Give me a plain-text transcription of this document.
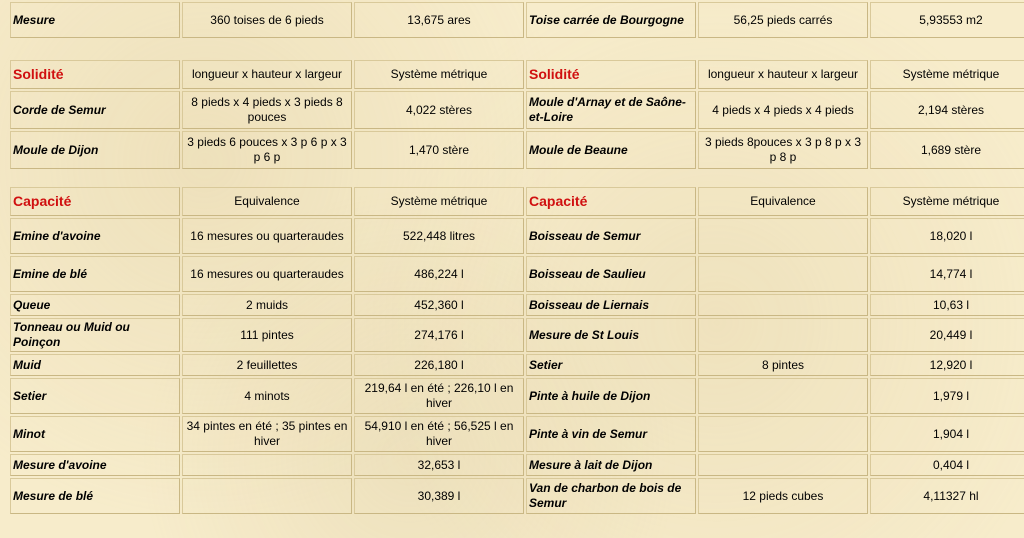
Mesure	360 toises de 6 pieds	13,675 ares	Toise carrée de Bourgogne	56,25 pieds carrés	5,93553 m2
Solidité	longueur x hauteur x largeur	Système métrique	Solidité	longueur x hauteur x largeur	Système métrique
Corde de Semur	8 pieds x 4 pieds x 3 pieds 8 pouces	4,022 stères	Moule d'Arnay et de Saône-et-Loire	4 pieds x 4 pieds x 4 pieds	2,194 stères
Moule de Dijon	3 pieds 6 pouces x 3 p 6 p x 3 p 6 p	1,470 stère	Moule de Beaune	3 pieds 8pouces x 3 p 8 p x 3 p 8 p	1,689 stère
Capacité	Equivalence	Système métrique	Capacité	Equivalence	Système métrique
Emine d'avoine	16 mesures ou quarteraudes	522,448 litres	Boisseau de Semur		18,020 l
Emine de blé	16 mesures ou quarteraudes	486,224 l	Boisseau de Saulieu		14,774 l
Queue	2 muids	452,360 l	Boisseau de Liernais		10,63 l
Tonneau ou Muid ou Poinçon	111 pintes	274,176 l	Mesure de St Louis		20,449 l
Muid	2 feuillettes	226,180 l	Setier	8 pintes	12,920 l
Setier	4 minots	219,64 l en été ; 226,10 l en hiver	Pinte à huile de Dijon		1,979 l
Minot	34 pintes en été ; 35 pintes en hiver	54,910 l en été ; 56,525 l en hiver	Pinte à vin de Semur		1,904 l
Mesure d'avoine		32,653 l	Mesure à lait de Dijon		0,404 l
Mesure de blé		30,389 l	Van de charbon de bois de Semur	12 pieds cubes	4,11327 hl
